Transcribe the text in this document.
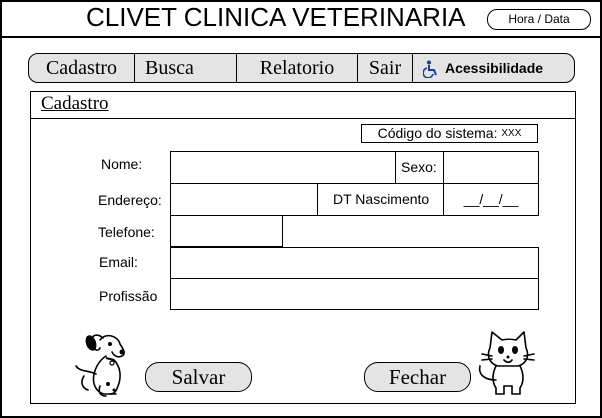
CLIVET CLINICA VETERINARIA	Hora / Data
Cadastro	Busca	Relatorio	Sair	Acessibilidade
Cadastro
Código do sistema: $^{XXX}$
Nome:	Sexo:
Endereço:	DT Nascimento	__/__/__
Telefone:
Email:
Profissão
Salvar	Fechar
